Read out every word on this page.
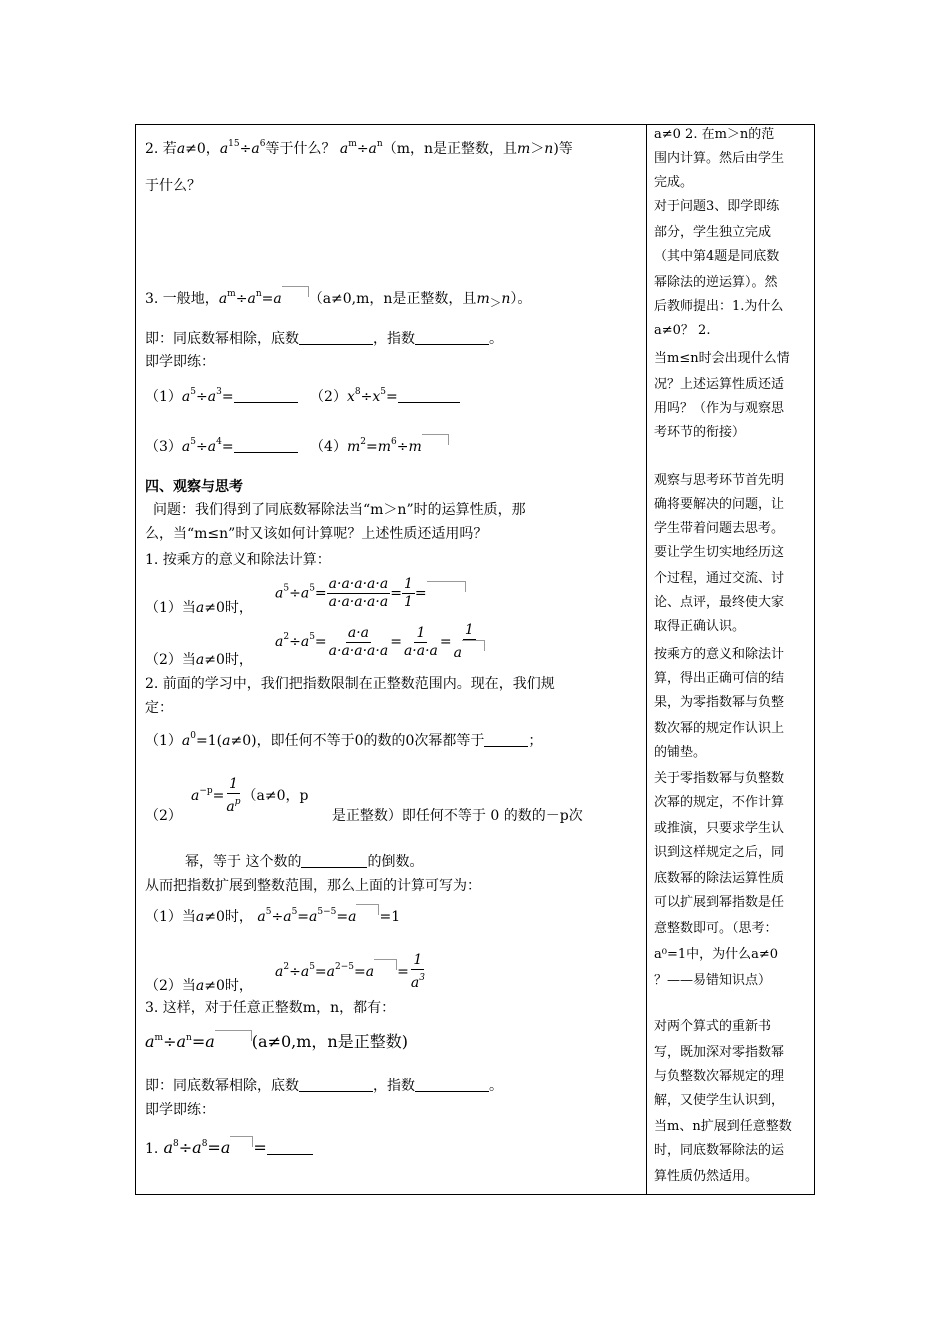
2. 若a≠0，$a^{15}\div a^6$等于什么？ $a^m\div a^n(m$，n是正整数，且m＞n)等
于什么？
3. 一般地，$a^m\div a^n=a$ （a≠0,m，n是正整数，且$m_>n$）。
即：同底数幂相除，底数	，指数	。
即学即练：
$(1)a^5\div a^3=$	$(2)x^8\div x^5=$
$(3)a^5\div a^4=$	$(4)m^2=m^6\div m$
四、观察与思考
问题：我们得到了同底数幂除法当“m＞n”时的运算性质，那
么，当“m≤n”时又该如何计算呢？上述性质还适用吗？
1. 按乘方的意义和除法计算：
$a^5\div a^5= \frac{a\cdot a\cdot a\cdot a\cdot a}{a\cdot a\cdot a\cdot a\cdot a} = \frac{1}{1}$ =
（1）当a≠0时，
$a^2\div a^5= \frac{a\cdot a}{a\cdot a\cdot a\cdot a\cdot a} = \frac{1}{a\cdot a\cdot a} = \frac{1}{a}$
（2）当a≠0时，
2. 前面的学习中，我们把指数限制在正整数范围内。现在，我们规
定：
$(1)a^0=1(a\ne 0)$，即任何不等于0的数的0次幂都等于	；
$a^{-p}= \frac{1}{a^p} (a\ne 0$，p
（2）	是正整数）即任何不等于 0 的数的－p次
幂，等于 这个数的	的倒数。
从而把指数扩展到整数范围，那么上面的计算可写为：
（1）当a≠0时， $a^5\div a^5=a^{5-5}=a =1$
$a^2\div a^5=a^{2-5}=a = \frac{1}{a^3}$
（2）当a≠0时，
3. 这样，对于任意正整数m，n，都有：
$a^m\div a^n=a$ (a≠0,m，n是正整数)
即：同底数幂相除，底数	，指数	。
即学即练：
1. $a^8\div a^8=a$ =
a≠0 2. 在m＞n的范
围内计算。然后由学生
完成。
对于问题3、即学即练
部分，学生独立完成
（其中第4题是同底数
幂除法的逆运算）。然
后教师提出：1.为什么
a≠0？ 2.
当m≤n时会出现什么情
况？上述运算性质还适
用吗？（作为与观察思
考环节的衔接）
观察与思考环节首先明
确将要解决的问题，让
学生带着问题去思考。
要让学生切实地经历这
个过程，通过交流、讨
论、点评，最终使大家
取得正确认识。
按乘方的意义和除法计
算，得出正确可信的结
果，为零指数幂与负整
数次幂的规定作认识上
的铺垫。
关于零指数幂与负整数
次幂的规定，不作计算
或推演，只要求学生认
识到这样规定之后，同
底数幂的除法运算性质
可以扩展到幂指数是任
意整数即可。（思考：
a⁰=1中，为什么a≠0
？——易错知识点）
对两个算式的重新书
写，既加深对零指数幂
与负整数次幂规定的理
解，又使学生认识到，
当m、n扩展到任意整数
时，同底数幂除法的运
算性质仍然适用。
